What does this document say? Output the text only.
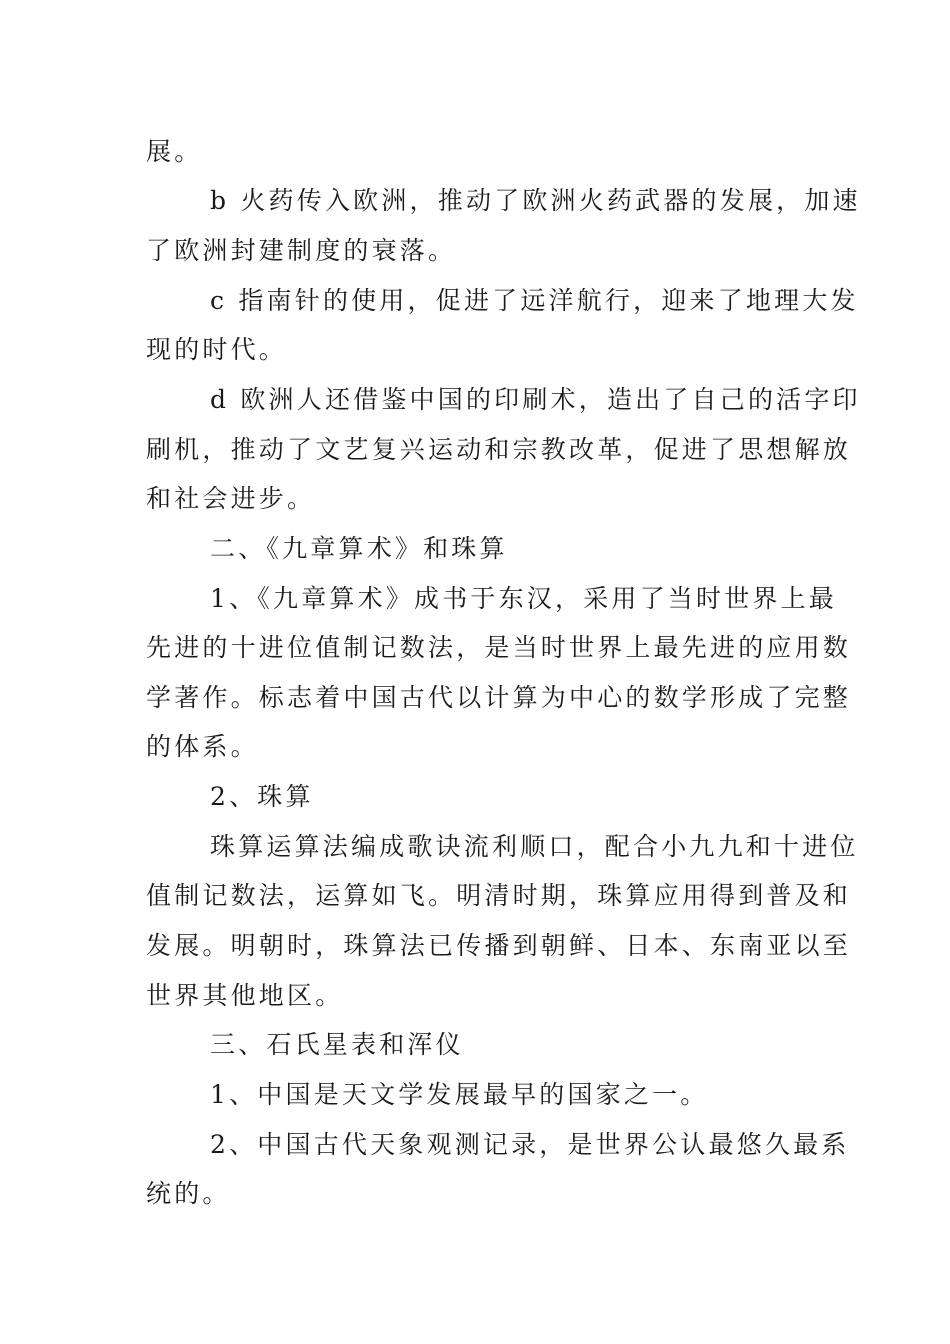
展。

b 火药传入欧洲，推动了欧洲火药武器的发展，加速

了欧洲封建制度的衰落。

c 指南针的使用，促进了远洋航行，迎来了地理大发

现的时代。

d 欧洲人还借鉴中国的印刷术，造出了自己的活字印

刷机，推动了文艺复兴运动和宗教改革，促进了思想解放

和社会进步。

二、《九章算术》和珠算

1、《九章算术》成书于东汉，采用了当时世界上最

先进的十进位值制记数法，是当时世界上最先进的应用数

学著作。标志着中国古代以计算为中心的数学形成了完整

的体系。

2、珠算

珠算运算法编成歌诀流利顺口，配合小九九和十进位

值制记数法，运算如飞。明清时期，珠算应用得到普及和

发展。明朝时，珠算法已传播到朝鲜、日本、东南亚以至

世界其他地区。

三、石氏星表和浑仪

1、中国是天文学发展最早的国家之一。

2、中国古代天象观测记录，是世界公认最悠久最系

统的。
